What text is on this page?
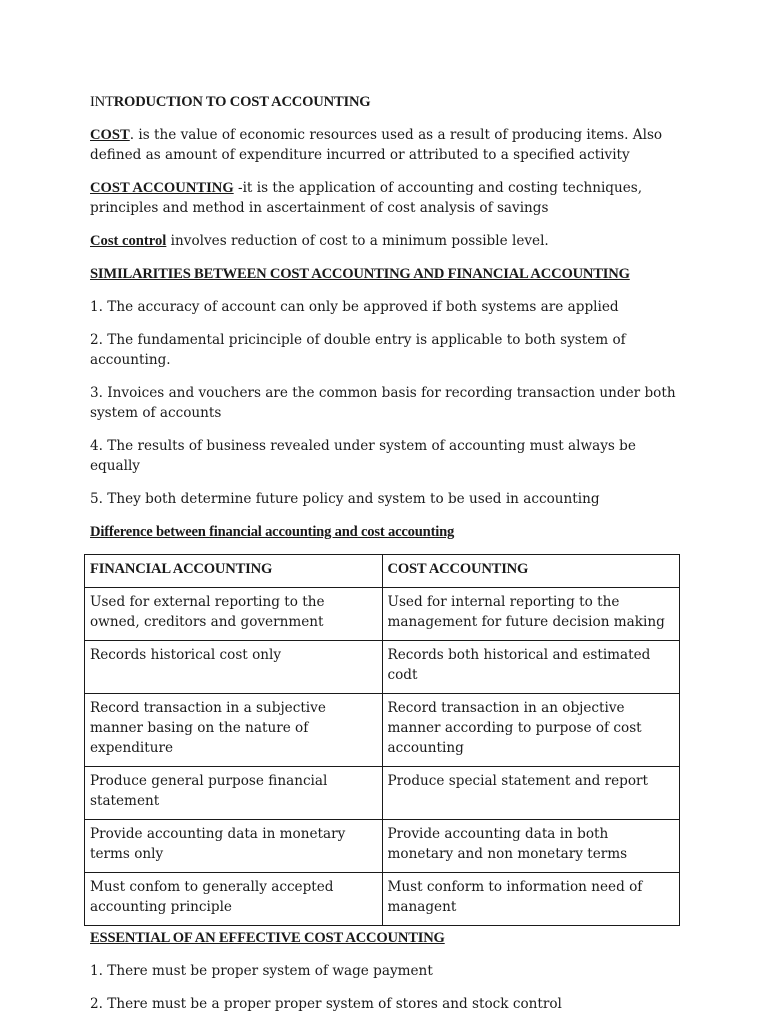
INTRODUCTION TO COST ACCOUNTING

COST. is the value of economic resources used as a result of producing items. Also defined as amount of expenditure incurred or attributed to a specified activity

COST ACCOUNTING -it is the application of accounting and costing techniques, principles and method in ascertainment of cost analysis of savings

Cost control involves reduction of cost to a minimum possible level.

SIMILARITIES BETWEEN COST ACCOUNTING AND FINANCIAL ACCOUNTING

1. The accuracy of account can only be approved if both systems are applied

2. The fundamental pricinciple of double entry is applicable to both system of accounting.

3. Invoices and vouchers are the common basis for recording transaction under both system of accounts

4. The results of business revealed under system of accounting must always be equally

5. They both determine future policy and system to be used in accounting

Difference between financial accounting and cost accounting

FINANCIAL ACCOUNTING	COST ACCOUNTING
Used for external reporting to the owned, creditors and government	Used for internal reporting to the management for future decision making
Records historical cost only	Records both historical and estimated codt
Record transaction in a subjective manner basing on the nature of expenditure	Record transaction in an objective manner according to purpose of cost accounting
Produce general purpose financial statement	Produce special statement and report
Provide accounting data in monetary terms only	Provide accounting data in both monetary and non monetary terms
Must confom to generally accepted accounting principle	Must conform to information need of managent

ESSENTIAL OF AN EFFECTIVE COST ACCOUNTING

1. There must be proper system of wage payment

2. There must be a proper proper system of stores and stock control
